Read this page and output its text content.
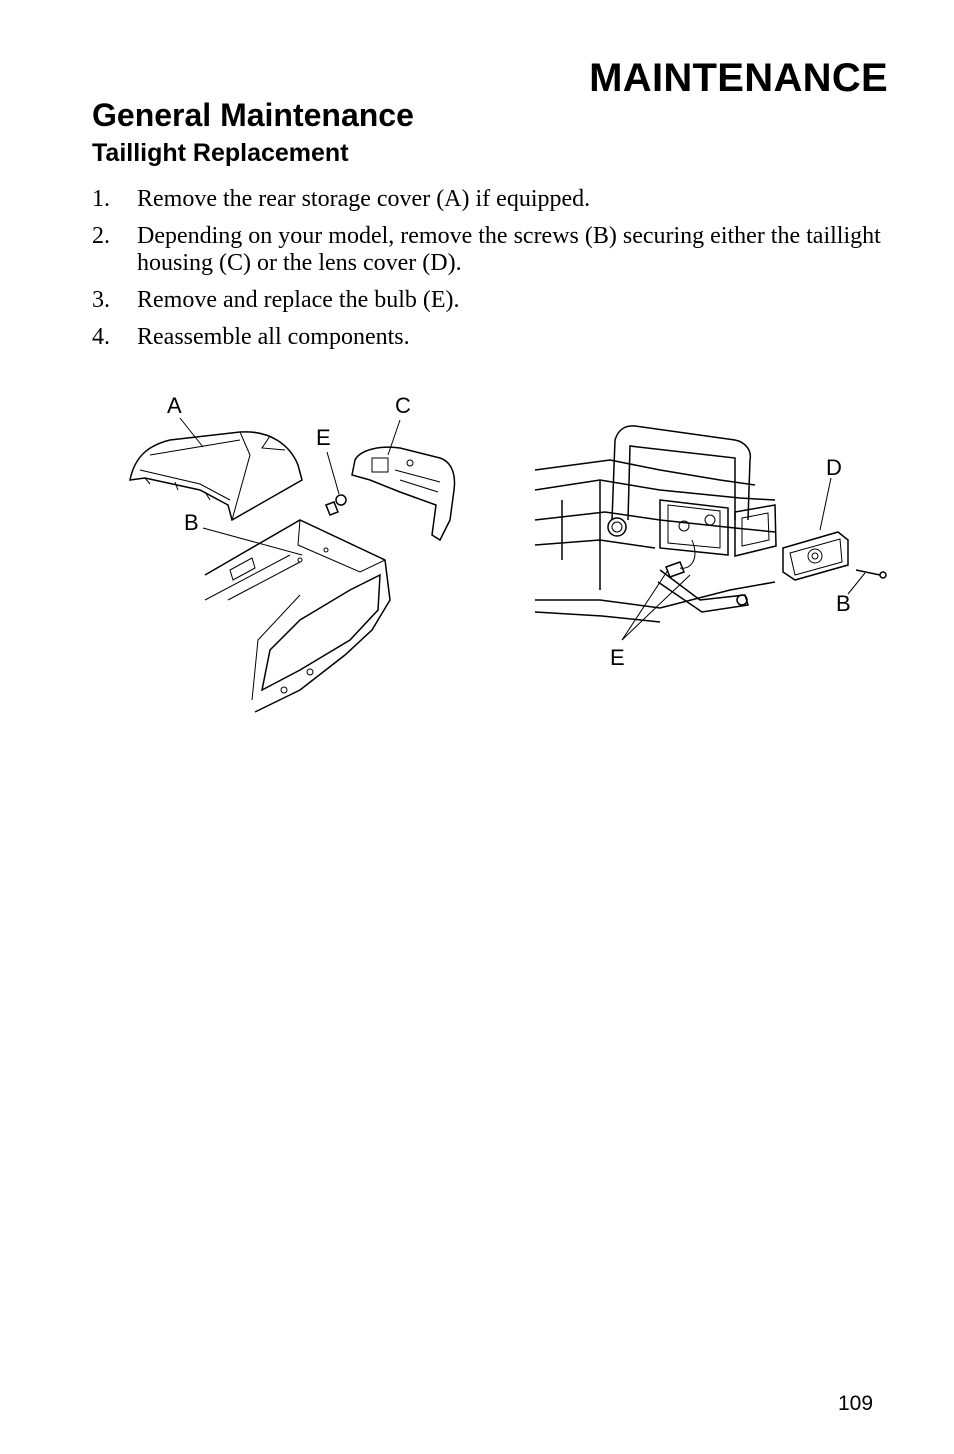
MAINTENANCE
General Maintenance
Taillight Replacement
1. Remove the rear storage cover (A) if equipped.
2. Depending on your model, remove the screws (B) securing either the taillight housing (C) or the lens cover (D).
3. Remove and replace the bulb (E).
4. Reassemble all components.
A	C
E
B
D
B
E
109
